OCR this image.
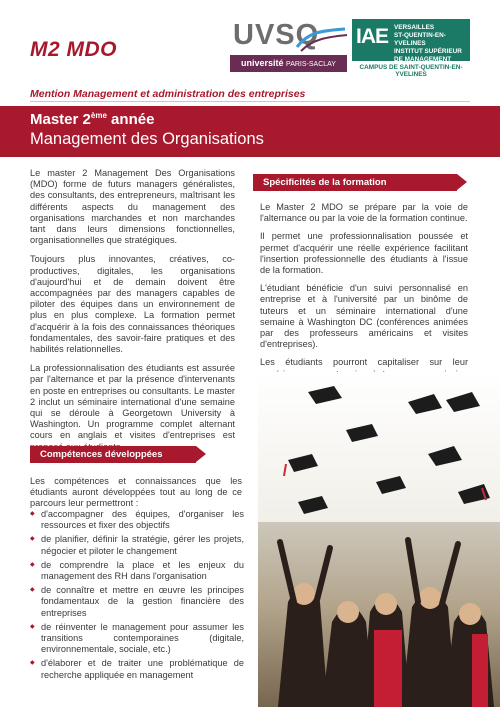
M2 MDO	UVSQ
université PARIS-SACLAY
IAE VERSAILLES
ST-QUENTIN-EN-YVELINES
INSTITUT SUPÉRIEUR DE MANAGEMENT
CAMPUS DE SAINT-QUENTIN-EN-YVELINES
Mention Management et administration des entreprises
Master 2ème année
Management des Organisations

Le master 2 Management Des Organisations (MDO) forme de futurs managers généralistes, des consultants, des entrepreneurs, maîtrisant les différents aspects du management des organisations marchandes et non marchandes tant dans leurs dimensions fonctionnelles, organisationnelles que stratégiques.

Toujours plus innovantes, créatives, co-productives, digitales, les organisations d'aujourd'hui et de demain doivent être accompagnées par des managers capables de piloter des équipes dans un environnement de plus en plus complexe. La formation permet d'acquérir à la fois des connaissances théoriques fondamentales, des savoir-faire pratiques et des habilités relationnelles.

La professionnalisation des étudiants est assurée par l'alternance et par la présence d'intervenants en poste en entreprises ou consultants. Le master 2 inclut un séminaire international d'une semaine qui se déroule à Georgetown University à Washington. Un programme complet alternant cours en anglais et visites d'entreprises est

Spécificités de la formation

Le Master 2 MDO se prépare par la voie de l'alternance ou par la voie de la formation continue.

Il permet une professionnalisation poussée et permet d'acquérir une réelle expérience facilitant l'insertion professionnelle des étudiants à l'issue de la formation.

L'étudiant bénéficie d'un suivi personnalisé en entreprise et à l'université par un binôme de tuteurs et un séminaire international d'une semaine à Washington DC (conférences animées par des professeurs américains et visites d'entreprises).

Les étudiants pourront capitaliser sur leur

Compétences développées
Les compétences et connaissances que les étudiants auront développées tout au long de ce parcours leur permettront :
◆ d'accompagner des équipes, d'organiser les ressources et fixer des objectifs
◆ de planifier, définir la stratégie, gérer les projets, négocier et piloter le changement
◆ de comprendre la place et les enjeux du management des RH dans l'organisation
◆ de connaître et mettre en œuvre les principes fondamentaux de la gestion financière des entreprises
◆ de réinventer le management pour assumer les transitions contemporaines (digitale, environnementale, sociale, etc.)
◆ d'élaborer et de traiter une problématique de recherche appliquée en management
